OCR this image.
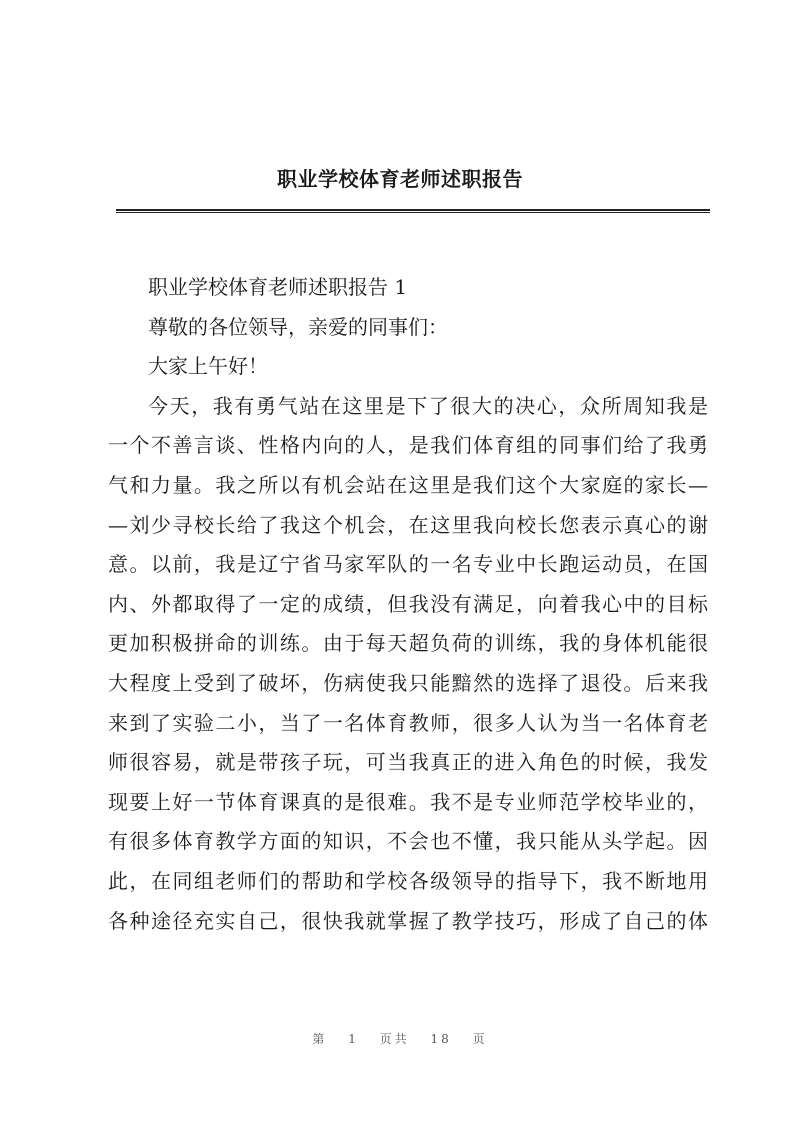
职业学校体育老师述职报告
职业学校体育老师述职报告 1
尊敬的各位领导，亲爱的同事们：
大家上午好！
今天，我有勇气站在这里是下了很大的决心，众所周知我是
一个不善言谈、性格内向的人，是我们体育组的同事们给了我勇
气和力量。我之所以有机会站在这里是我们这个大家庭的家长—
—刘少寻校长给了我这个机会，在这里我向校长您表示真心的谢
意。以前，我是辽宁省马家军队的一名专业中长跑运动员，在国
内、外都取得了一定的成绩，但我没有满足，向着我心中的目标
更加积极拼命的训练。由于每天超负荷的训练，我的身体机能很
大程度上受到了破坏，伤病使我只能黯然的选择了退役。后来我
来到了实验二小，当了一名体育教师，很多人认为当一名体育老
师很容易，就是带孩子玩，可当我真正的进入角色的时候，我发
现要上好一节体育课真的是很难。我不是专业师范学校毕业的，
有很多体育教学方面的知识，不会也不懂，我只能从头学起。因
此，在同组老师们的帮助和学校各级领导的指导下，我不断地用
各种途径充实自己，很快我就掌握了教学技巧，形成了自己的体
第 1 页共 18 页
